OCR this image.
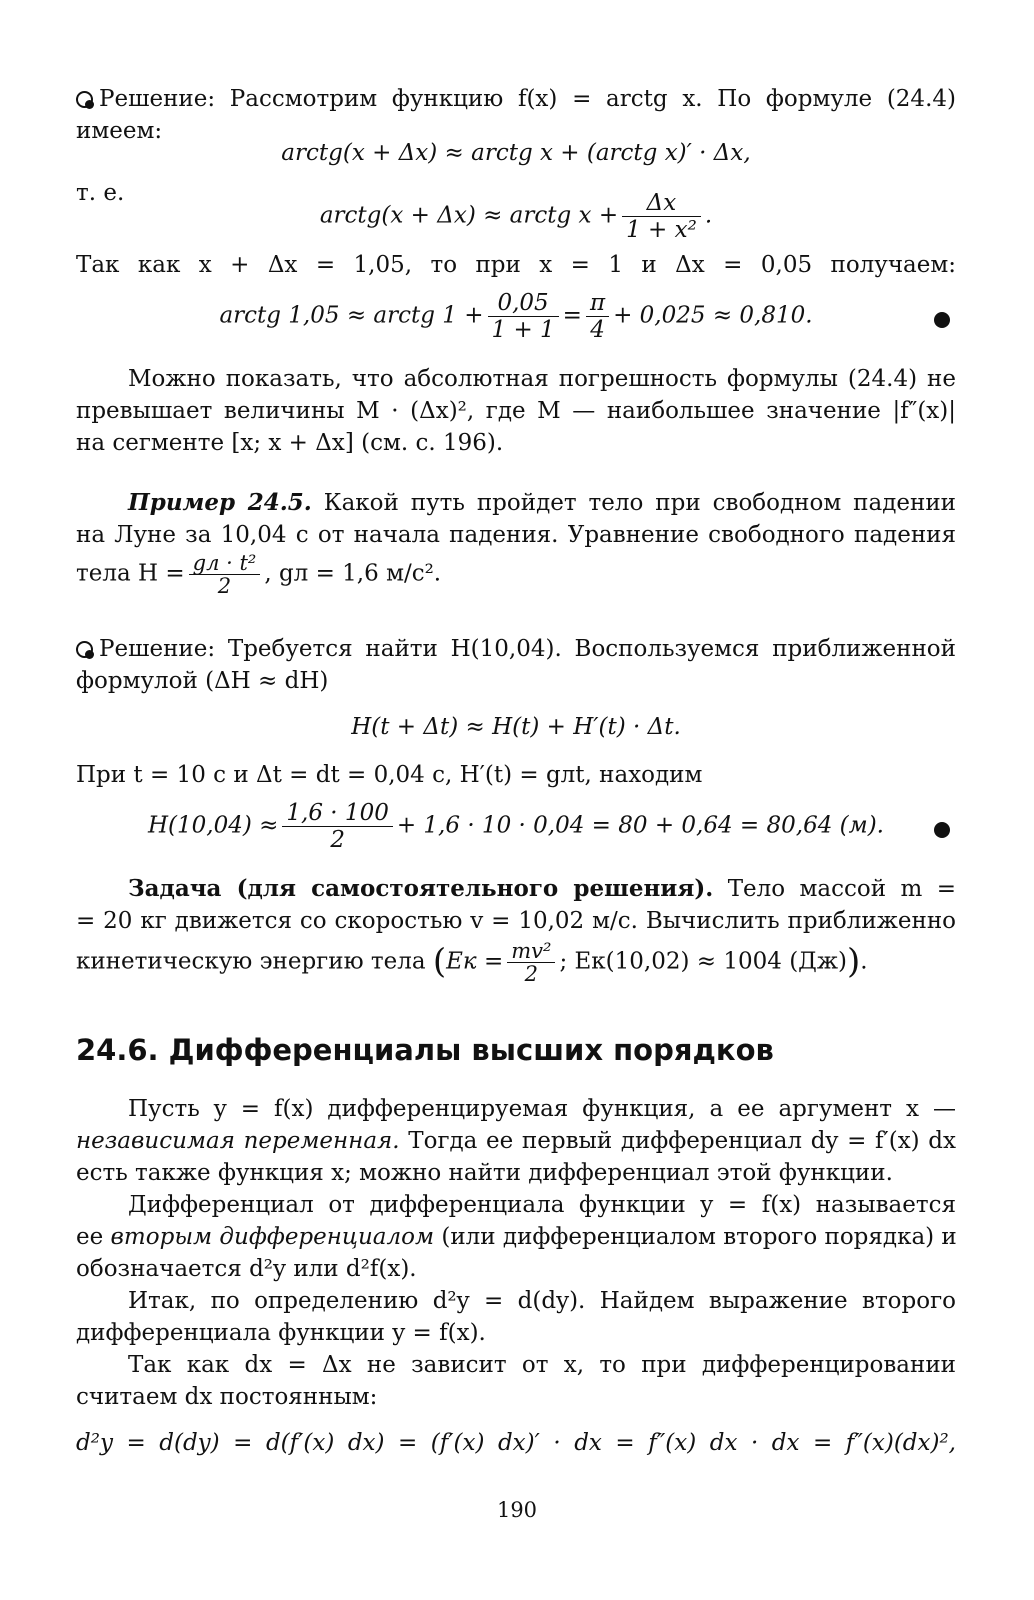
Решение: Рассмотрим функцию f(x) = arctg x. По формуле (24.4)
имеем:
arctg(x + Δx) ≈ arctg x + (arctg x)′ · Δx,
т. е.
arctg(x + Δx) ≈ arctg $x + \frac{\Delta x}{\text{1 + x²}}$ .
Так как x + Δx = 1,05, то при x = 1 и Δx = 0,05 получаем:
arctg 1,05 ≈ arctg $1 + \frac{0,05}{1 + 1} = \frac{\pi}{4} + 0,025 \approx 0,810$.
Можно показать, что абсолютная погрешность формулы (24.4) не
превышает величины M · (Δx)², где M — наибольшее значение |f″(x)|
на сегменте [x; x + Δx] (см. с. 196).
Пример 24.5. Какой путь пройдет тело при свободном падении
на Луне за 10,04 с от начала падения. Уравнение свободного падения
тела $H = \frac{\text{gл · t²}}{2}$ , gл = 1,6 м/с².
Решение: Требуется найти H(10,04). Воспользуемся приближенной
формулой (ΔH ≈ dH)
H(t + Δt) ≈ H(t) + H′(t) · Δt.
При t = 10 с и Δt = dt = 0,04 с, H′(t) = gлt, находим
$H(10,04) \approx \frac{1,6 \cdot 100}{2} + 1,6 \cdot 10 \cdot 0,04 = 80 + 0,64 = 80,64$ (м).
Задача (для самостоятельного решения). Тело массой m =
= 20 кг движется со скоростью v = 10,02 м/с. Вычислить приближенно
кинетическую энергию тела ($Eк = \frac{\text{mv²}}{2}$ ; Eк(10,02) ≈ 1004 (Дж)).
24.6. Дифференциалы высших порядков
Пусть y = f(x) дифференцируемая функция, а ее аргумент x —
независимая переменная. Тогда ее первый дифференциал dy = f′(x) dx
есть также функция x; можно найти дифференциал этой функции.
Дифференциал от дифференциала функции y = f(x) называется
ее вторым дифференциалом (или дифференциалом второго порядка) и
обозначается d²y или d²f(x).
Итак, по определению d²y = d(dy). Найдем выражение второго
дифференциала функции y = f(x).
Так как dx = Δx не зависит от x, то при дифференцировании
считаем dx постоянным:
d²y = d(dy) = d(f′(x) dx) = (f′(x) dx)′ · dx = f″(x) dx · dx = f″(x)(dx)²,
190
